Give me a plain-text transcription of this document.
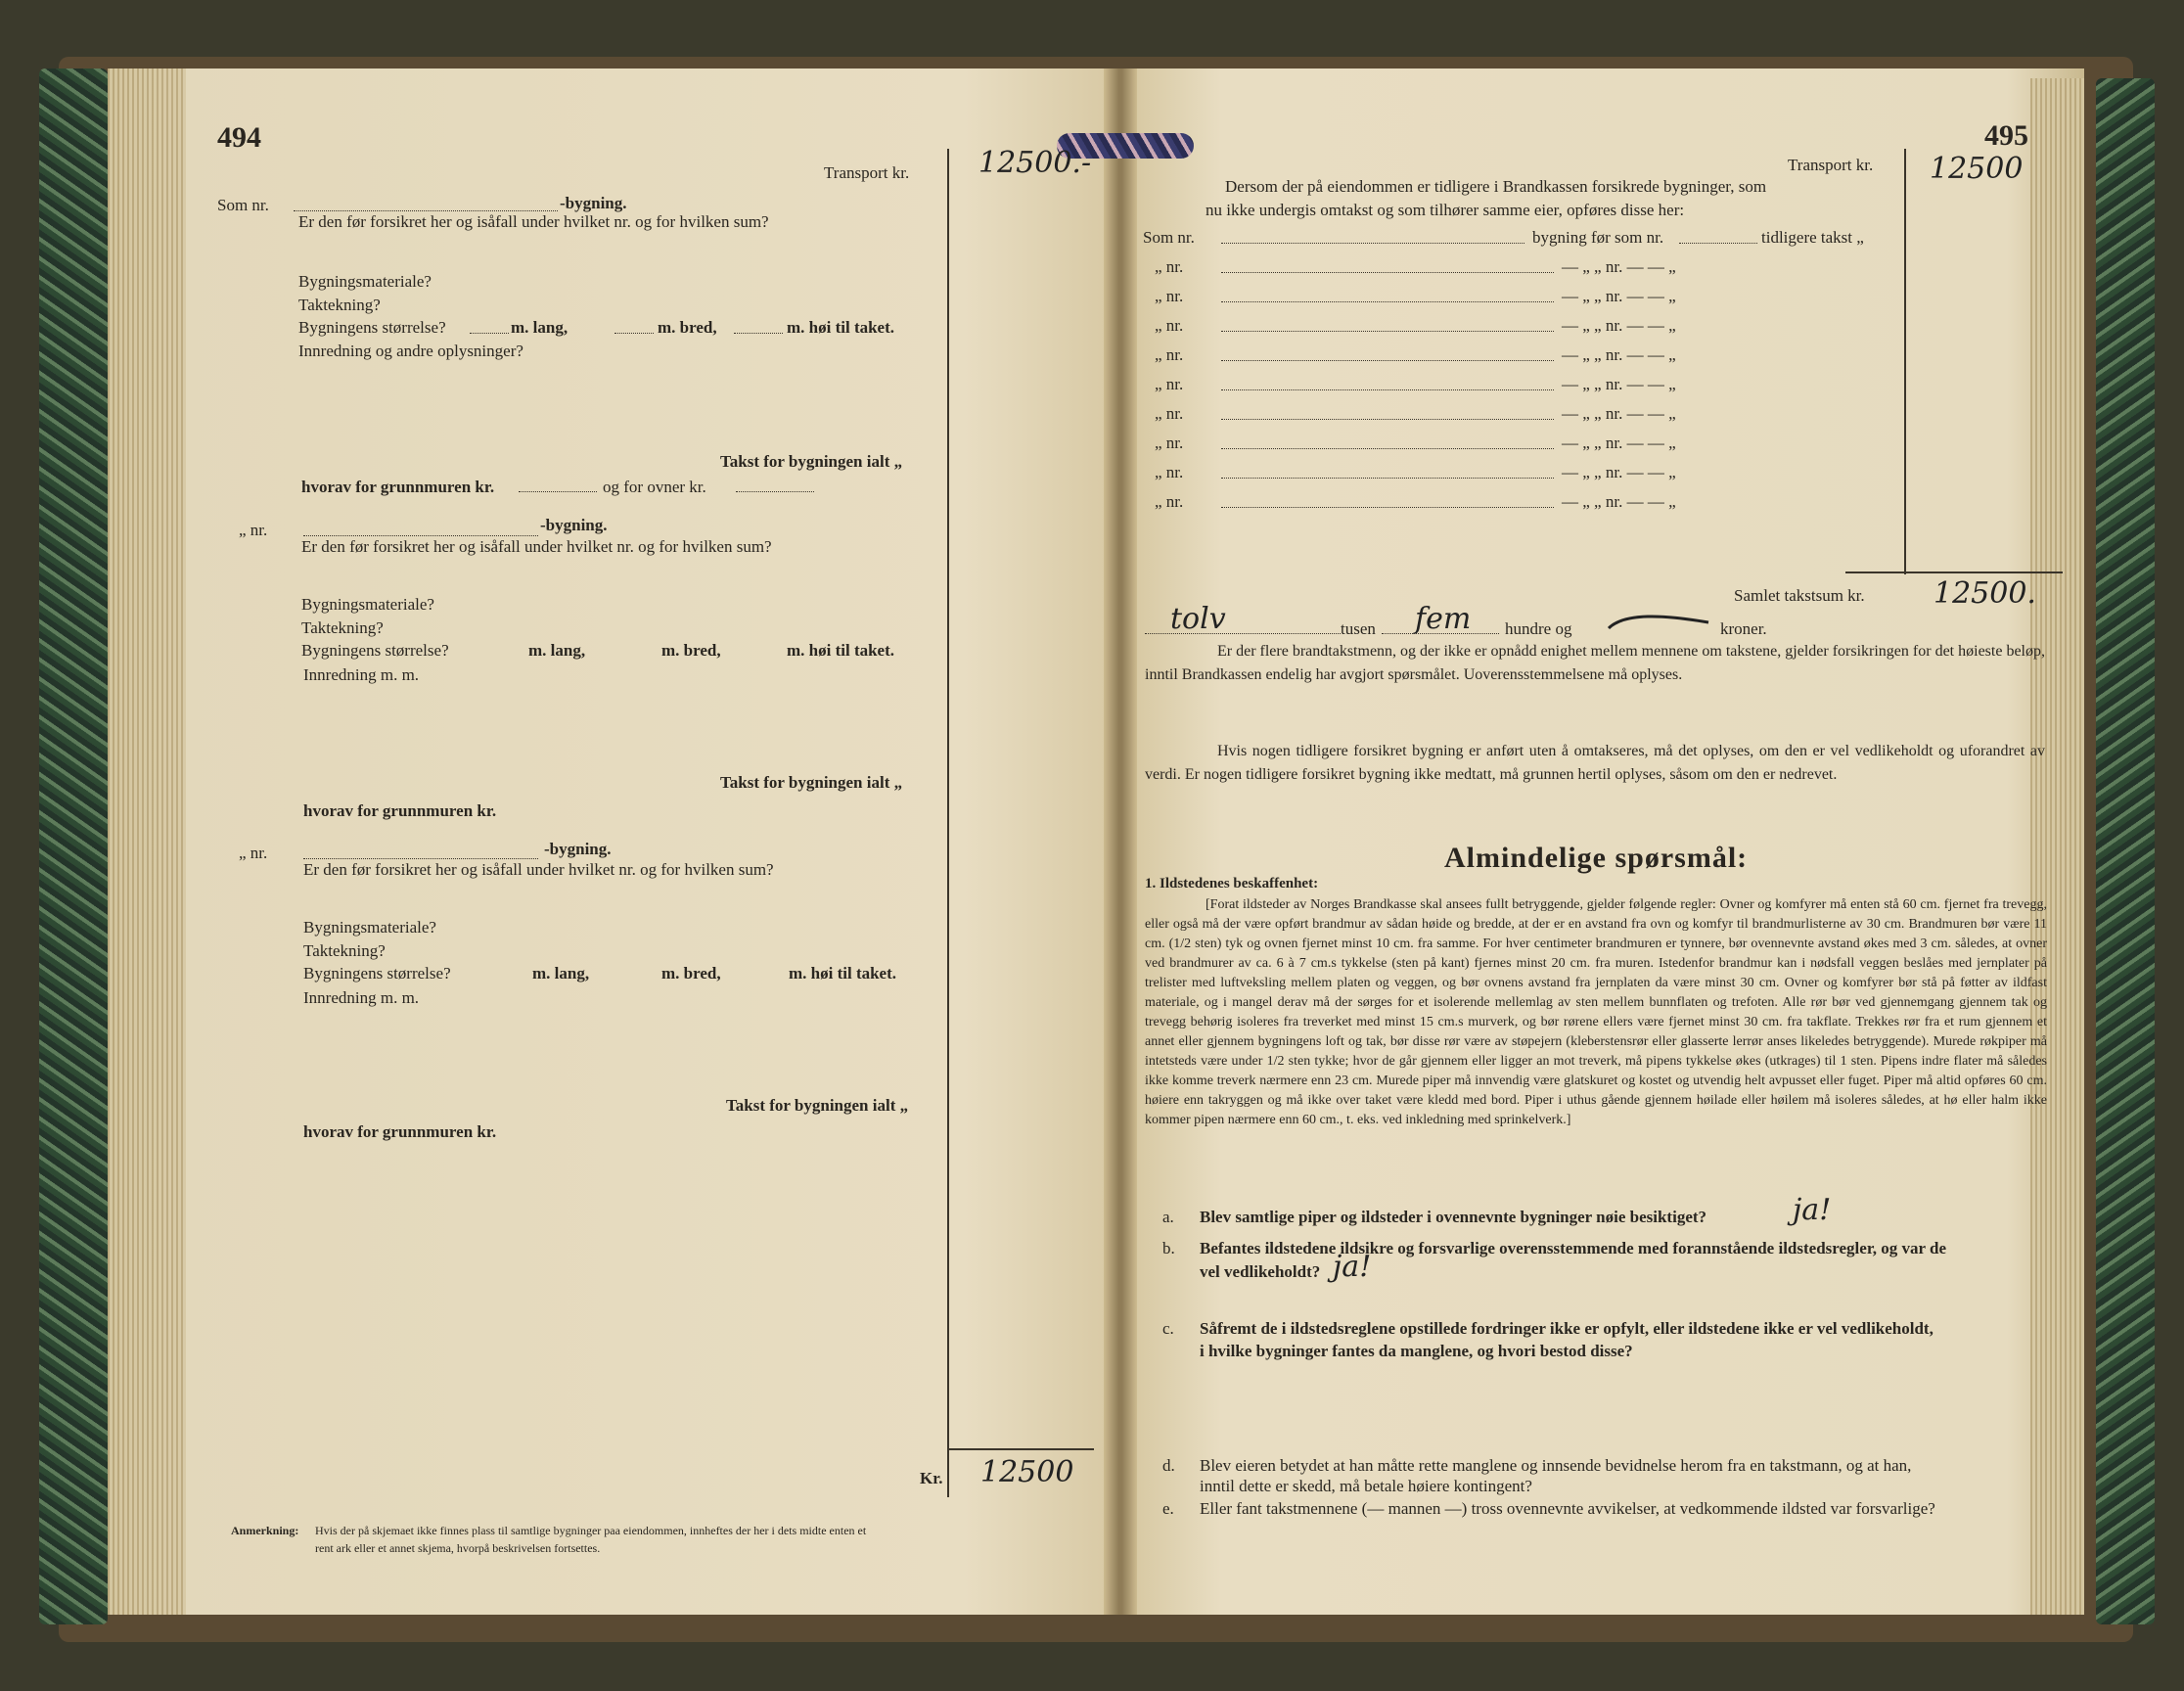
494
Transport kr. 12500.-
Som nr.	-bygning.
Er den før forsikret her og isåfall under hvilket nr. og for hvilken sum?
Bygningsmateriale?
Taktekning?
Bygningens størrelse?	m. lang,	m. bred,	m. høi til taket.
Innredning og andre oplysninger?
Takst for bygningen ialt „
hvorav for grunnmuren kr.	og for ovner kr.
„ nr.	-bygning.
Er den før forsikret her og isåfall under hvilket nr. og for hvilken sum?
Bygningsmateriale?
Taktekning?
Bygningens størrelse?	m. lang,	m. bred,	m. høi til taket.
Innredning m. m.
Takst for bygningen ialt „
hvorav for grunnmuren kr.
„ nr.	-bygning.
Er den før forsikret her og isåfall under hvilket nr. og for hvilken sum?
Bygningsmateriale?
Taktekning?
Bygningens størrelse?	m. lang,	m. bred,	m. høi til taket.
Innredning m. m.
Takst for bygningen ialt „
hvorav for grunnmuren kr.
Kr. 12500
Anmerkning: Hvis der på skjemaet ikke finnes plass til samtlige bygninger paa eiendommen, innheftes der her i dets midte enten et
rent ark eller et annet skjema, hvorpå beskrivelsen fortsettes.
495
Transport kr. 12500
Dersom der på eiendommen er tidligere i Brandkassen forsikrede bygninger, som
nu ikke undergis omtakst og som tilhører samme eier, opføres disse her:
Som nr.	bygning før som nr.	tidligere takst „
„ nr.	— „ „ nr. — — „
„ nr.	— „ „ nr. — — „
„ nr.	— „ „ nr. — — „
„ nr.	— „ „ nr. — — „
„ nr.	— „ „ nr. — — „
„ nr.	— „ „ nr. — — „
„ nr.	— „ „ nr. — — „
„ nr.	— „ „ nr. — — „
„ nr.	— „ „ nr. — — „
Samlet takstsum kr. 12500.
tolv	tusen fem hundre og	kroner.
Er der flere brandtakstmenn, og der ikke er opnådd enighet mellem mennene om takstene, gjelder forsikringen for det høieste beløp, inntil Brandkassen endelig har avgjort spørsmålet. Uoverensstemmelsene må oplyses.
Hvis nogen tidligere forsikret bygning er anført uten å omtakseres, må det oplyses, om den er vel vedlikeholdt og uforandret av verdi. Er nogen tidligere forsikret bygning ikke medtatt, må grunnen hertil oplyses, såsom om den er nedrevet.
Almindelige spørsmål:
1. Ildstedenes beskaffenhet:
[Forat ildsteder av Norges Brandkasse skal ansees fullt betryggende, gjelder følgende regler: Ovner og komfyrer må enten stå 60 cm. fjernet fra trevegg, eller også må der være opført brandmur av sådan høide og bredde, at der er en avstand fra ovn og komfyr til brandmurlisterne av 30 cm. Brandmuren bør være 11 cm. (1/2 sten) tyk og ovnen fjernet minst 10 cm. fra samme. For hver centimeter brandmuren er tynnere, bør ovennevnte avstand økes med 3 cm. således, at ovner ved brandmurer av ca. 6 à 7 cm.s tykkelse (sten på kant) fjernes minst 20 cm. fra muren. Istedenfor brandmur kan i nødsfall veggen beslåes med jernplater på trelister med luftveksling mellem platen og veggen, og bør ovnens avstand fra jernplaten da være minst 30 cm. Ovner og komfyrer bør stå på føtter av ildfast materiale, og i mangel derav må der sørges for et isolerende mellemlag av sten mellem bunnflaten og trefoten. Alle rør bør ved gjennemgang gjennem tak og trevegg behørig isoleres fra treverket med minst 15 cm.s murverk, og bør rørene ellers være fjernet minst 30 cm. fra takflate. Trekkes rør fra et rum gjennem et annet eller gjennem bygningens loft og tak, bør disse rør være av støpejern (kleberstensrør eller glasserte lerrør anses likeledes betryggende). Murede røkpiper må intetsteds være under 1/2 sten tykke; hvor de går gjennem eller ligger an mot treverk, må pipens tykkelse økes (utkrages) til 1 sten. Pipens indre flater må således ikke komme treverk nærmere enn 23 cm. Murede piper må innvendig være glatskuret og kostet og utvendig helt avpusset eller fuget. Piper må altid opføres 60 cm. høiere enn takryggen og må ikke over taket være kledd med bord. Piper i uthus gående gjennem høilade eller høilem må isoleres således, at hø eller halm ikke kommer pipen nærmere enn 60 cm., t. eks. ved inkledning med sprinkelverk.]
a. Blev samtlige piper og ildsteder i ovennevnte bygninger nøie besiktiget?	ja!
b. Befantes ildstedene ildsikre og forsvarlige overensstemmende med forannstående ildstedsregler, og var de
vel vedlikeholdt? ja!
c. Såfremt de i ildstedsreglene opstillede fordringer ikke er opfylt, eller ildstedene ikke er vel vedlikeholdt,
i hvilke bygninger fantes da manglene, og hvori bestod disse?
d. Blev eieren betydet at han måtte rette manglene og innsende bevidnelse herom fra en takstmann, og at han,
inntil dette er skedd, må betale høiere kontingent?
e. Eller fant takstmennene (— mannen —) tross ovennevnte avvikelser, at vedkommende ildsted var forsvarlige?
